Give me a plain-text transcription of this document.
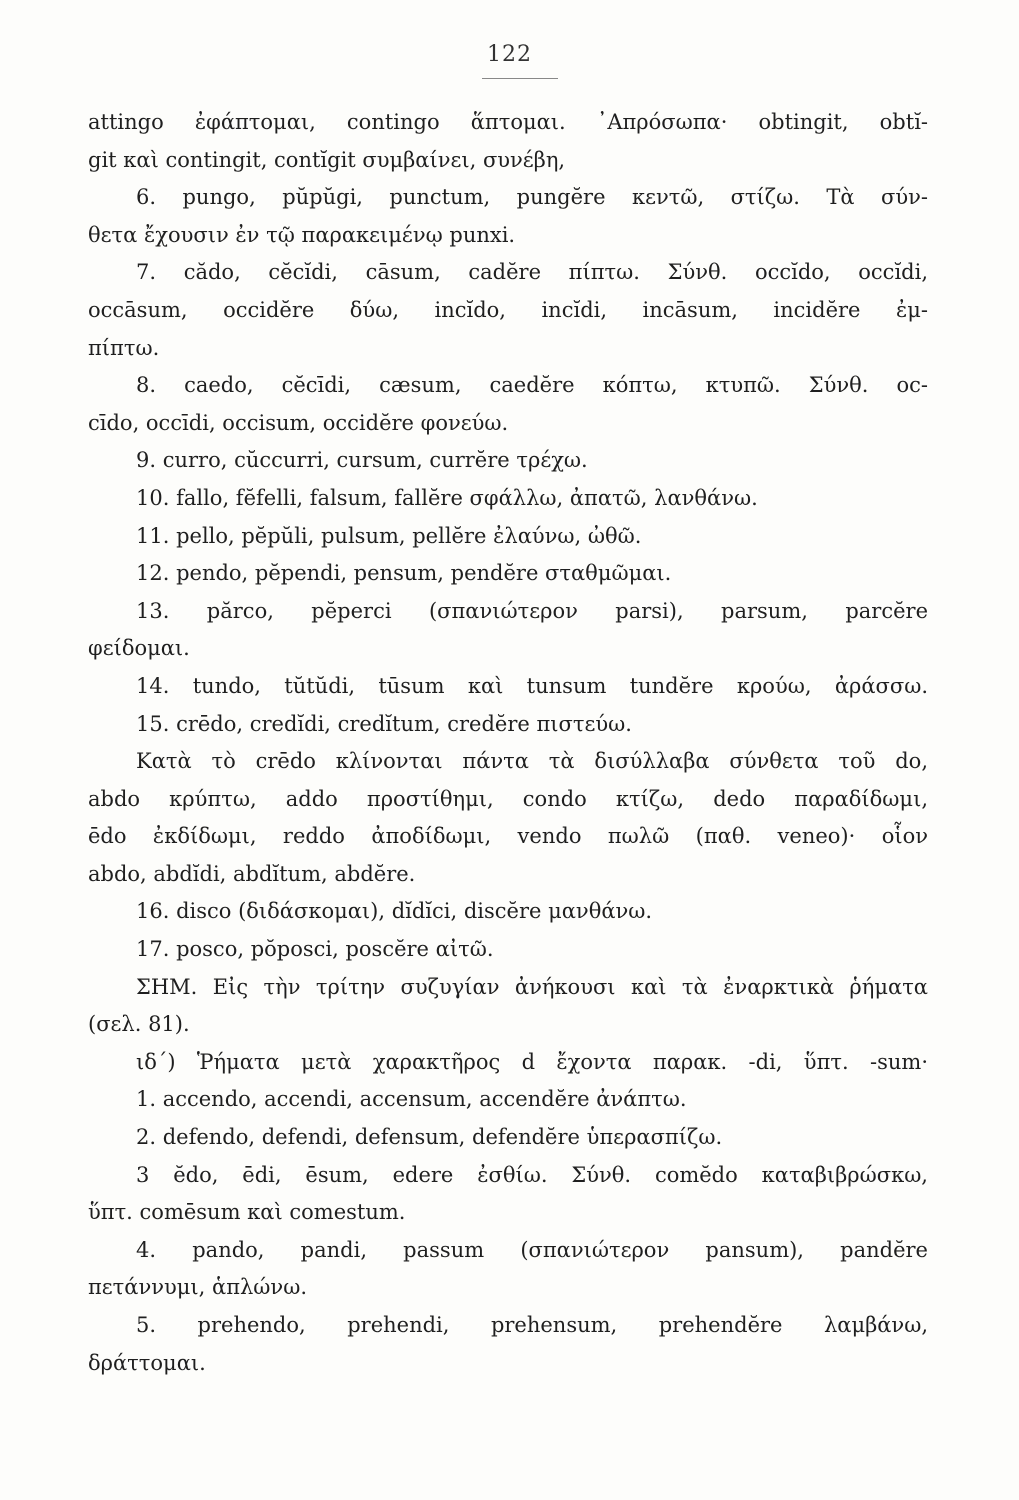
122
attingo ἐφάπτομαι, contingo ἅπτομαι. ᾿Απρόσωπα· obtingit, obtĭ-
git καὶ contingit, contĭgit συμβαίνει, συνέβη,
6. pungo, pŭpŭgi, punctum, pungĕre κεντῶ, στίζω. Τὰ σύν-
θετα ἔχουσιν ἐν τῷ παρακειμένῳ punxi.
7. cădo, cĕcĭdi, cāsum, cadĕre πίπτω. Σύνθ. occĭdo, occĭdi,
occāsum, occidĕre δύω, incĭdo, incĭdi, incāsum, incidĕre ἐμ-
πίπτω.
8. caedo, cĕcīdi, cæsum, caedĕre κόπτω, κτυπῶ. Σύνθ. oc-
cīdo, occīdi, occisum, occidĕre φονεύω.
9. curro, cŭccurri, cursum, currĕre τρέχω.
10. fallo, fĕfelli, falsum, fallĕre σφάλλω, ἀπατῶ, λανθάνω.
11. pello, pĕpŭli, pulsum, pellĕre ἐλαύνω, ὠθῶ.
12. pendo, pĕpendi, pensum, pendĕre σταθμῶμαι.
13. părco, pĕperci (σπανιώτερον parsi), parsum, parcĕre
φείδομαι.
14. tundo, tŭtŭdi, tūsum καὶ tunsum tundĕre κρούω, ἀράσσω.
15. crēdo, credĭdi, credĭtum, credĕre πιστεύω.
Κατὰ τὸ crēdo κλίνονται πάντα τὰ δισύλλαβα σύνθετα τοῦ do,
abdo κρύπτω, addo προστίθημι, condo κτίζω, dedo παραδίδωμι,
ēdo ἐκδίδωμι, reddo ἀποδίδωμι, vendo πωλῶ (παθ. veneo)· οἷον
abdo, abdĭdi, abdĭtum, abdĕre.
16. disco (διδάσκομαι), dĭdĭci, discĕre μανθάνω.
17. posco, pŏposci, poscĕre αἰτῶ.
ΣΗΜ. Εἰς τὴν τρίτην συζυγίαν ἀνήκουσι καὶ τὰ ἐναρκτικὰ ῥήματα
(σελ. 81).
ιδ΄) Ῥήματα μετὰ χαρακτῆρος d ἔχοντα παρακ. -di, ὕπτ. -sum·
1. accendo, accendi, accensum, accendĕre ἀνάπτω.
2. defendo, defendi, defensum, defendĕre ὑπερασπίζω.
3 ĕdo, ēdi, ēsum, edere ἐσθίω. Σύνθ. comĕdo καταβιβρώσκω,
ὕπτ. comēsum καὶ comestum.
4. pando, pandi, passum (σπανιώτερον pansum), pandĕre
πετάννυμι, ἁπλώνω.
5. prehendo, prehendi, prehensum, prehendĕre λαμβάνω,
δράττομαι.
